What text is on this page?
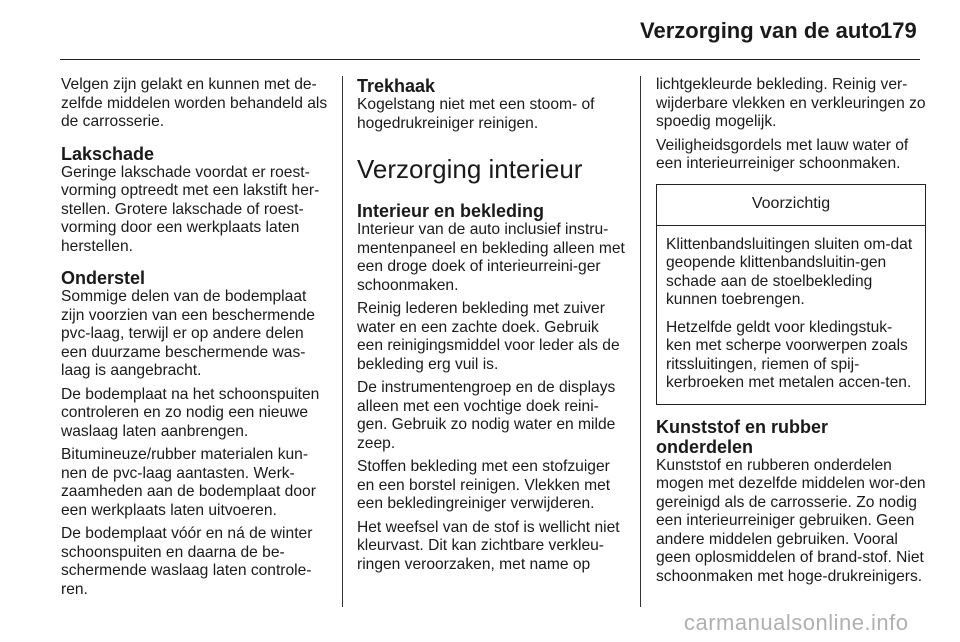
Verzorging van de auto
179

Velgen zijn gelakt en kunnen met de-zelfde middelen worden behandeld als de carrosserie.

Lakschade

Geringe lakschade voordat er roest-vorming optreedt met een lakstift her-stellen. Grotere lakschade of roest-vorming door een werkplaats laten herstellen.

Onderstel

Sommige delen van de bodemplaat zijn voorzien van een beschermende pvc-laag, terwijl er op andere delen een duurzame beschermende was-laag is aangebracht.

De bodemplaat na het schoonspuiten controleren en zo nodig een nieuwe waslaag laten aanbrengen.

Bitumineuze/rubber materialen kun-nen de pvc-laag aantasten. Werk-zaamheden aan de bodemplaat door een werkplaats laten uitvoeren.

De bodemplaat vóór en ná de winter schoonspuiten en daarna de be-schermende waslaag laten controle-ren.

Trekhaak

Kogelstang niet met een stoom- of hogedrukreiniger reinigen.

Verzorging interieur
Interieur en bekleding

Interieur van de auto inclusief instru-mentenpaneel en bekleding alleen met een droge doek of interieurreini-ger schoonmaken.

Reinig lederen bekleding met zuiver water en een zachte doek. Gebruik een reinigingsmiddel voor leder als de bekleding erg vuil is.

De instrumentengroep en de displays alleen met een vochtige doek reini-gen. Gebruik zo nodig water en milde zeep.

Stoffen bekleding met een stofzuiger en een borstel reinigen. Vlekken met een bekledingreiniger verwijderen.

Het weefsel van de stof is wellicht niet kleurvast. Dit kan zichtbare verkleu-ringen veroorzaken, met name op

lichtgekleurde bekleding. Reinig ver-wijderbare vlekken en verkleuringen zo spoedig mogelijk.

Veiligheidsgordels met lauw water of een interieurreiniger schoonmaken.

Voorzichtig

Klittenbandsluitingen sluiten om-dat geopende klittenbandsluitin-gen schade aan de stoelbekleding kunnen toebrengen.

Hetzelfde geldt voor kledingstuk-ken met scherpe voorwerpen zoals ritssluitingen, riemen of spij-kerbroeken met metalen accen-ten.

Kunststof en rubber onderdelen

Kunststof en rubberen onderdelen mogen met dezelfde middelen wor-den gereinigd als de carrosserie. Zo nodig een interieurreiniger gebruiken. Geen andere middelen gebruiken. Vooral geen oplosmiddelen of brand-stof. Niet schoonmaken met hoge-drukreinigers.

carmanualsonline.info
